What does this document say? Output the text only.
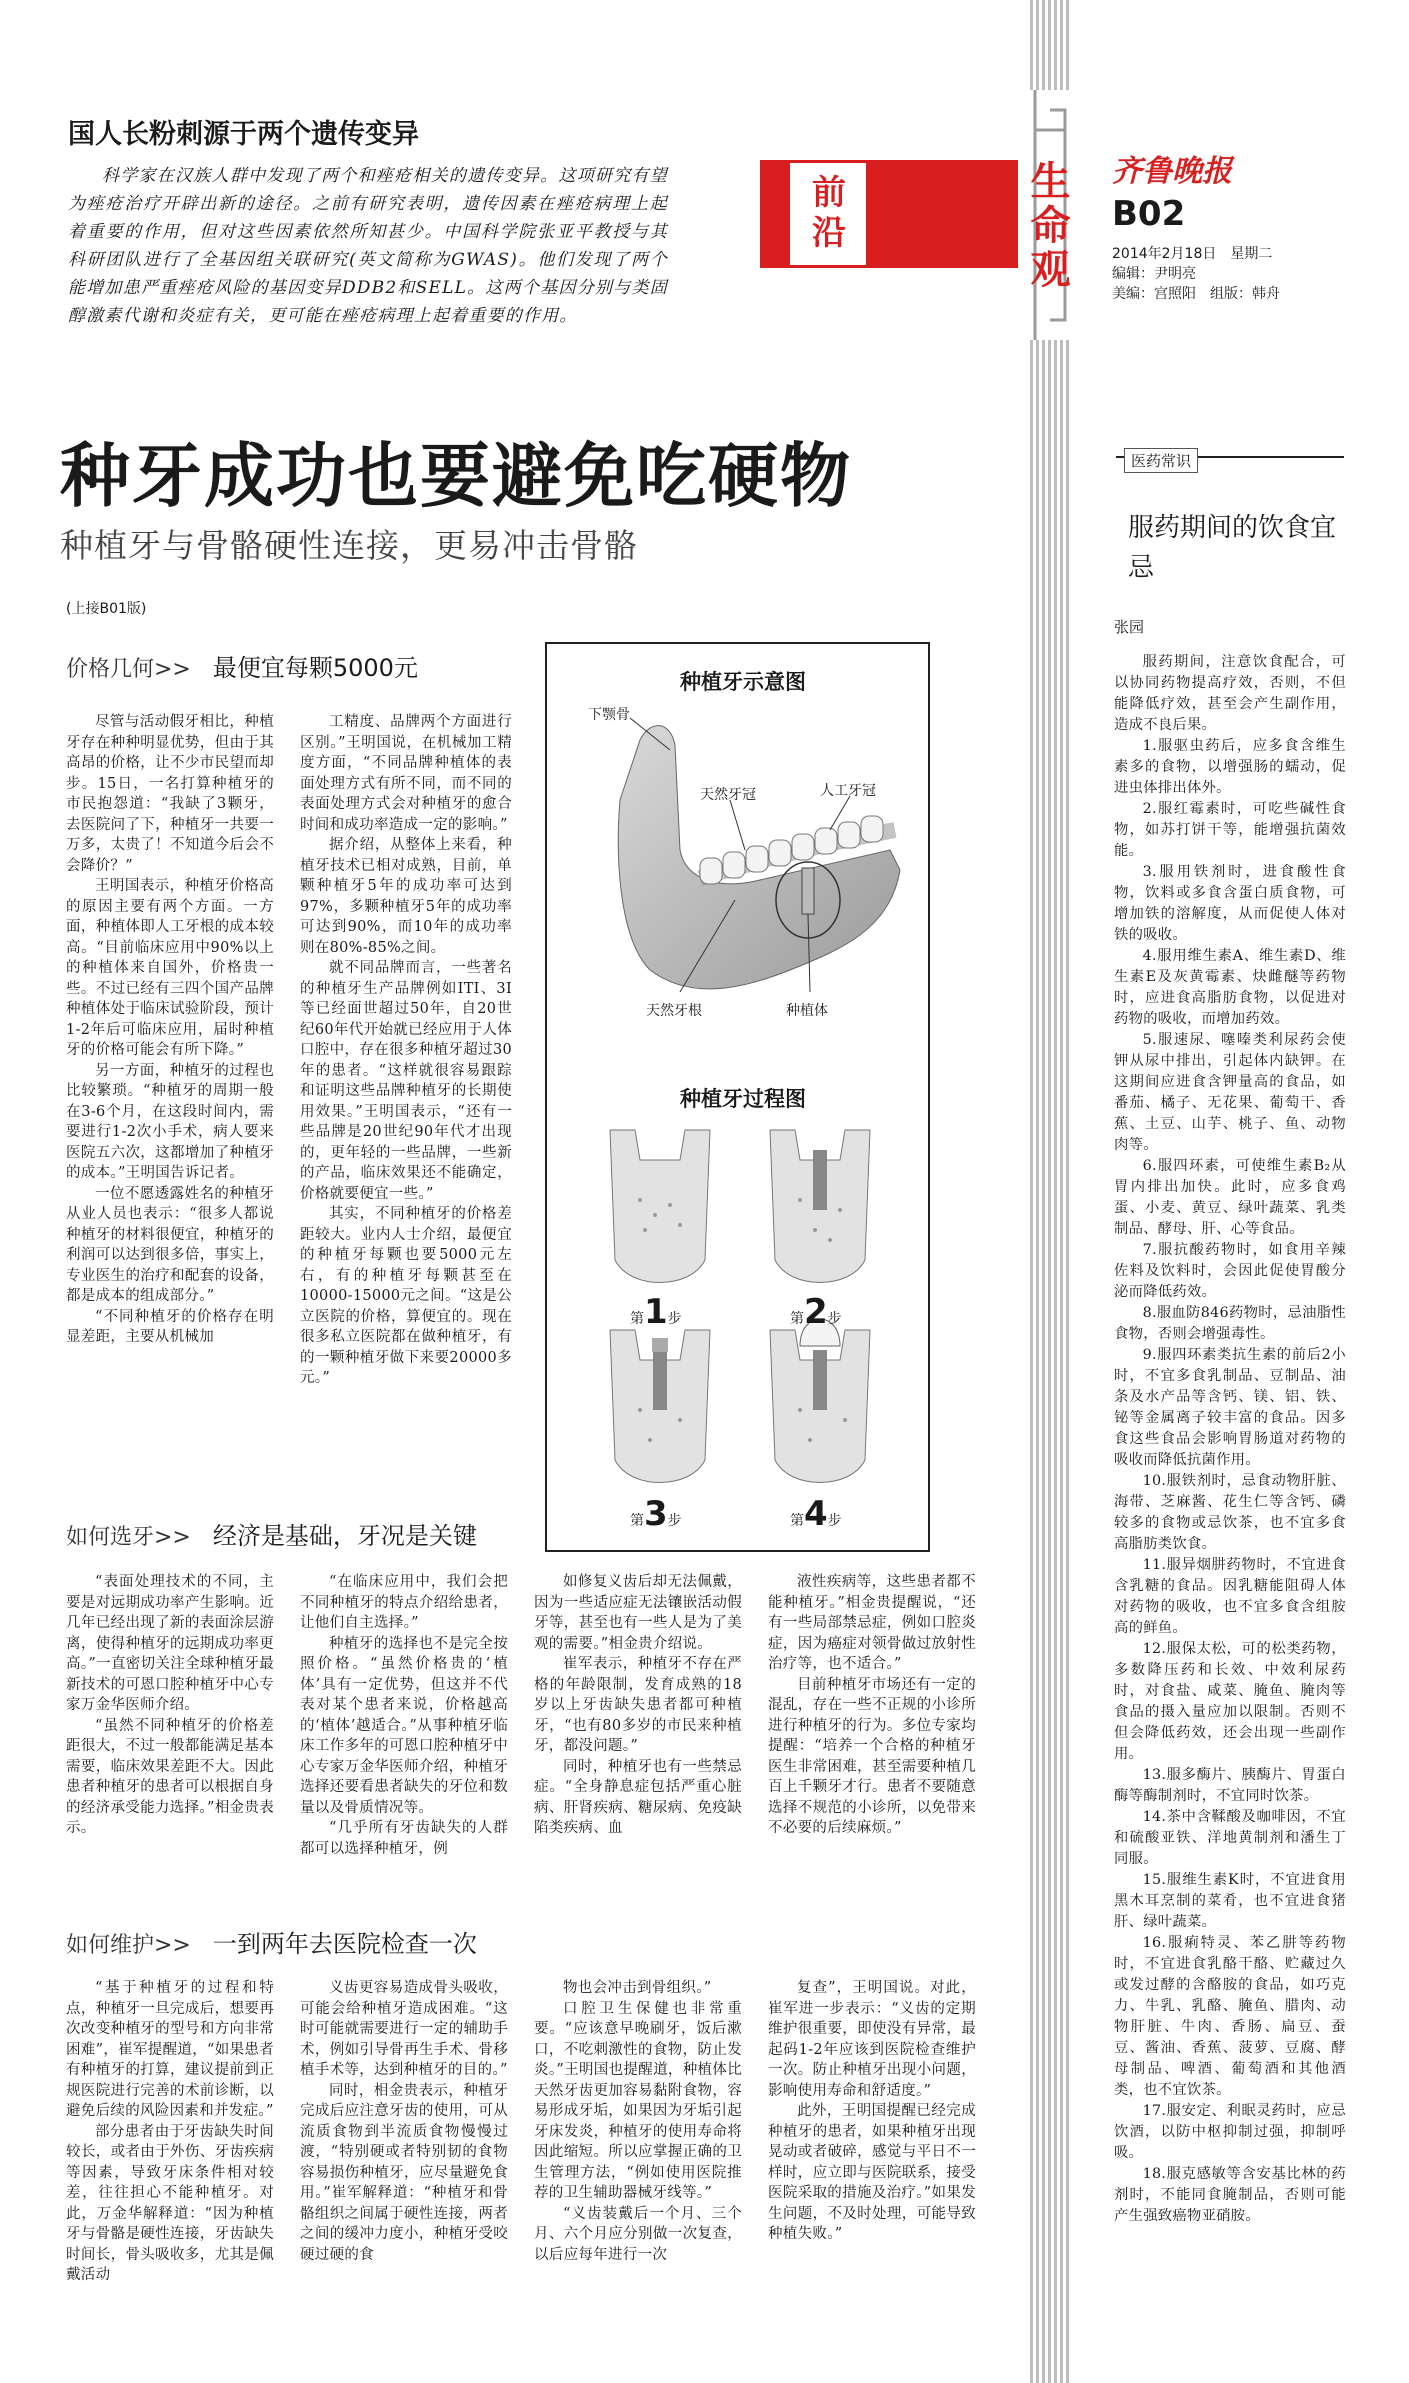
国人长粉刺源于两个遗传变异
科学家在汉族人群中发现了两个和痤疮相关的遗传变异。这项研究有望为痤疮治疗开辟出新的途径。之前有研究表明，遗传因素在痤疮病理上起着重要的作用，但对这些因素依然所知甚少。中国科学院张亚平教授与其科研团队进行了全基因组关联研究(英文简称为GWAS)。他们发现了两个能增加患严重痤疮风险的基因变异DDB2和SELL。这两个基因分别与类固醇激素代谢和炎症有关，更可能在痤疮病理上起着重要的作用。
前沿	生命观 齐鲁晚报
B02
2014年2月18日　星期二
编辑：尹明亮
美编：宫照阳　组版：韩舟
种牙成功也要避免吃硬物
种植牙与骨骼硬性连接，更易冲击骨骼
(上接B01版)
价格几何>> 最便宜每颗5000元

尽管与活动假牙相比，种植牙存在种种明显优势，但由于其高昂的价格，让不少市民望而却步。15日，一名打算种植牙的市民抱怨道：“我缺了3颗牙，去医院问了下，种植牙一共要一万多，太贵了！不知道今后会不会降价？”

王明国表示，种植牙价格高的原因主要有两个方面。一方面，种植体即人工牙根的成本较高。“目前临床应用中90%以上的种植体来自国外，价格贵一些。不过已经有三四个国产品牌种植体处于临床试验阶段，预计1-2年后可临床应用，届时种植牙的价格可能会有所下降。”

另一方面，种植牙的过程也比较繁琐。“种植牙的周期一般在3-6个月，在这段时间内，需要进行1-2次小手术，病人要来医院五六次，这都增加了种植牙的成本。”王明国告诉记者。

一位不愿透露姓名的种植牙从业人员也表示：“很多人都说种植牙的材料很便宜，种植牙的利润可以达到很多倍，事实上，专业医生的治疗和配套的设备，都是成本的组成部分。”

“不同种植牙的价格存在明显差距，主要从机械加

工精度、品牌两个方面进行区别。”王明国说，在机械加工精度方面，“不同品牌种植体的表面处理方式有所不同，而不同的表面处理方式会对种植牙的愈合时间和成功率造成一定的影响。”

据介绍，从整体上来看，种植牙技术已相对成熟，目前，单颗种植牙5年的成功率可达到97%，多颗种植牙5年的成功率可达到90%，而10年的成功率则在80%-85%之间。

就不同品牌而言，一些著名的种植牙生产品牌例如ITI、3I等已经面世超过50年，自20世纪60年代开始就已经应用于人体口腔中，存在很多种植牙超过30年的患者。“这样就很容易跟踪和证明这些品牌种植牙的长期使用效果。”王明国表示，“还有一些品牌是20世纪90年代才出现的，更年轻的一些品牌，一些新的产品，临床效果还不能确定，价格就要便宜一些。”

其实，不同种植牙的价格差距较大。业内人士介绍，最便宜的种植牙每颗也要5000元左右，有的种植牙每颗甚至在10000-15000元之间。“这是公立医院的价格，算便宜的。现在很多私立医院都在做种植牙，有的一颗种植牙做下来要20000多元。”

种植牙示意图
种植牙过程图
下颚骨
天然牙冠	人工牙冠
天然牙根	种植体
第1步	第2步
第3步	第4步
如何选牙>> 经济是基础，牙况是关键

“表面处理技术的不同，主要是对远期成功率产生影响。近几年已经出现了新的表面涂层游离，使得种植牙的远期成功率更高。”一直密切关注全球种植牙最新技术的可恩口腔种植牙中心专家万金华医师介绍。

“虽然不同种植牙的价格差距很大，不过一般都能满足基本需要，临床效果差距不大。因此患者种植牙的患者可以根据自身的经济承受能力选择。”相金贵表示。

“在临床应用中，我们会把不同种植牙的特点介绍给患者，让他们自主选择。”

种植牙的选择也不是完全按照价格。“虽然价格贵的‘植体’具有一定优势，但这并不代表对某个患者来说，价格越高的‘植体’越适合。”从事种植牙临床工作多年的可恩口腔种植牙中心专家万金华医师介绍，种植牙选择还要看患者缺失的牙位和数量以及骨质情况等。

“几乎所有牙齿缺失的人群都可以选择种植牙，例

如修复义齿后却无法佩戴，因为一些适应症无法镶嵌活动假牙等，甚至也有一些人是为了美观的需要。”相金贵介绍说。

崔军表示，种植牙不存在严格的年龄限制，发育成熟的18岁以上牙齿缺失患者都可种植牙，“也有80多岁的市民来种植牙，都没问题。”

同时，种植牙也有一些禁忌症。“全身静息症包括严重心脏病、肝肾疾病、糖尿病、免疫缺陷类疾病、血

液性疾病等，这些患者都不能种植牙。”相金贵提醒说，“还有一些局部禁忌症，例如口腔炎症，因为癌症对领骨做过放射性治疗等，也不适合。”

目前种植牙市场还有一定的混乱，存在一些不正规的小诊所进行种植牙的行为。多位专家均提醒：“培养一个合格的种植牙医生非常困难，甚至需要种植几百上千颗牙才行。患者不要随意选择不规范的小诊所，以免带来不必要的后续麻烦。”

如何维护>> 一到两年去医院检查一次

“基于种植牙的过程和特点，种植牙一旦完成后，想要再次改变种植牙的型号和方向非常困难”，崔军提醒道，“如果患者有种植牙的打算，建议提前到正规医院进行完善的术前诊断，以避免后续的风险因素和并发症。”

部分患者由于牙齿缺失时间较长，或者由于外伤、牙齿疾病等因素，导致牙床条件相对较差，往往担心不能种植牙。对此，万金华解释道：“因为种植牙与骨骼是硬性连接，牙齿缺失时间长，骨头吸收多，尤其是佩戴活动

义齿更容易造成骨头吸收，可能会给种植牙造成困难。“这时可能就需要进行一定的辅助手术，例如引导骨再生手术、骨移植手术等，达到种植牙的目的。”

同时，相金贵表示，种植牙完成后应注意牙齿的使用，可从流质食物到半流质食物慢慢过渡，“特别硬或者特别韧的食物容易损伤种植牙，应尽量避免食用。”崔军解释道：“种植牙和骨骼组织之间属于硬性连接，两者之间的缓冲力度小，种植牙受咬硬过硬的食

物也会冲击到骨组织。”

口腔卫生保健也非常重要。“应该意早晚刷牙，饭后漱口，不吃刺激性的食物，防止发炎。”王明国也提醒道，种植体比天然牙齿更加容易黏附食物，容易形成牙垢，如果因为牙垢引起牙床发炎，种植牙的使用寿命将因此缩短。所以应掌握正确的卫生管理方法，“例如使用医院推荐的卫生辅助器械牙线等。”

“义齿装戴后一个月、三个月、六个月应分别做一次复查，以后应每年进行一次

复查”，王明国说。对此，崔军进一步表示：“义齿的定期维护很重要，即使没有异常，最起码1-2年应该到医院检查维护一次。防止种植牙出现小问题，影响使用寿命和舒适度。”

此外，王明国提醒已经完成种植牙的患者，如果种植牙出现晃动或者破碎，感觉与平日不一样时，应立即与医院联系，接受医院采取的措施及治疗。”如果发生问题，不及时处理，可能导致种植失败。”

医药常识
服药期间的饮食宜忌
张园

服药期间，注意饮食配合，可以协同药物提高疗效，否则，不但能降低疗效，甚至会产生副作用，造成不良后果。

1.服驱虫药后，应多食含维生素多的食物，以增强肠的蠕动，促进虫体排出体外。

2.服红霉素时，可吃些碱性食物，如苏打饼干等，能增强抗菌效能。

3.服用铁剂时，进食酸性食物，饮料或多食含蛋白质食物，可增加铁的溶解度，从而促使人体对铁的吸收。

4.服用维生素A、维生素D、维生素E及灰黄霉素、炔雌醚等药物时，应进食高脂肪食物，以促进对药物的吸收，而增加药效。

5.服速尿、噻嗪类利尿药会使钾从尿中排出，引起体内缺钾。在这期间应进食含钾量高的食品，如番茄、橘子、无花果、葡萄干、香蕉、土豆、山芋、桃子、鱼、动物肉等。

6.服四环素，可使维生素B₂从胃内排出加快。此时，应多食鸡蛋、小麦、黄豆、绿叶蔬菜、乳类制品、酵母、肝、心等食品。

7.服抗酸药物时，如食用辛辣佐料及饮料时，会因此促使胃酸分泌而降低药效。

8.服血防846药物时，忌油脂性食物，否则会增强毒性。

9.服四环素类抗生素的前后2小时，不宜多食乳制品、豆制品、油条及水产品等含钙、镁、铝、铁、铋等金属离子较丰富的食品。因多食这些食品会影响胃肠道对药物的吸收而降低抗菌作用。

10.服铁剂时，忌食动物肝脏、海带、芝麻酱、花生仁等含钙、磷较多的食物或忌饮茶，也不宜多食高脂肪类饮食。

11.服异烟肼药物时，不宜进食含乳糖的食品。因乳糖能阻碍人体对药物的吸收，也不宜多食含组胺高的鲜鱼。

12.服保太松，可的松类药物，多数降压药和长效、中效利尿药时，对食盐、咸菜、腌鱼、腌肉等食品的摄入量应加以限制。否则不但会降低药效，还会出现一些副作用。

13.服多酶片、胰酶片、胃蛋白酶等酶制剂时，不宜同时饮茶。

14.茶中含鞣酸及咖啡因，不宜和硫酸亚铁、洋地黄制剂和潘生丁同服。

15.服维生素K时，不宜进食用黑木耳烹制的菜肴，也不宜进食猪肝、绿叶蔬菜。

16.服痢特灵、苯乙肼等药物时，不宜进食乳酪干酪、贮藏过久或发过酵的含酪胺的食品，如巧克力、牛乳、乳酪、腌鱼、腊肉、动物肝脏、牛肉、香肠、扁豆、蚕豆、酱油、香蕉、菠萝、豆腐、酵母制品、啤酒、葡萄酒和其他酒类，也不宜饮茶。

17.服安定、利眠灵药时，应忌饮酒，以防中枢抑制过强，抑制呼吸。

18.服克感敏等含安基比林的药剂时，不能同食腌制品，否则可能产生强致癌物亚硝胺。
